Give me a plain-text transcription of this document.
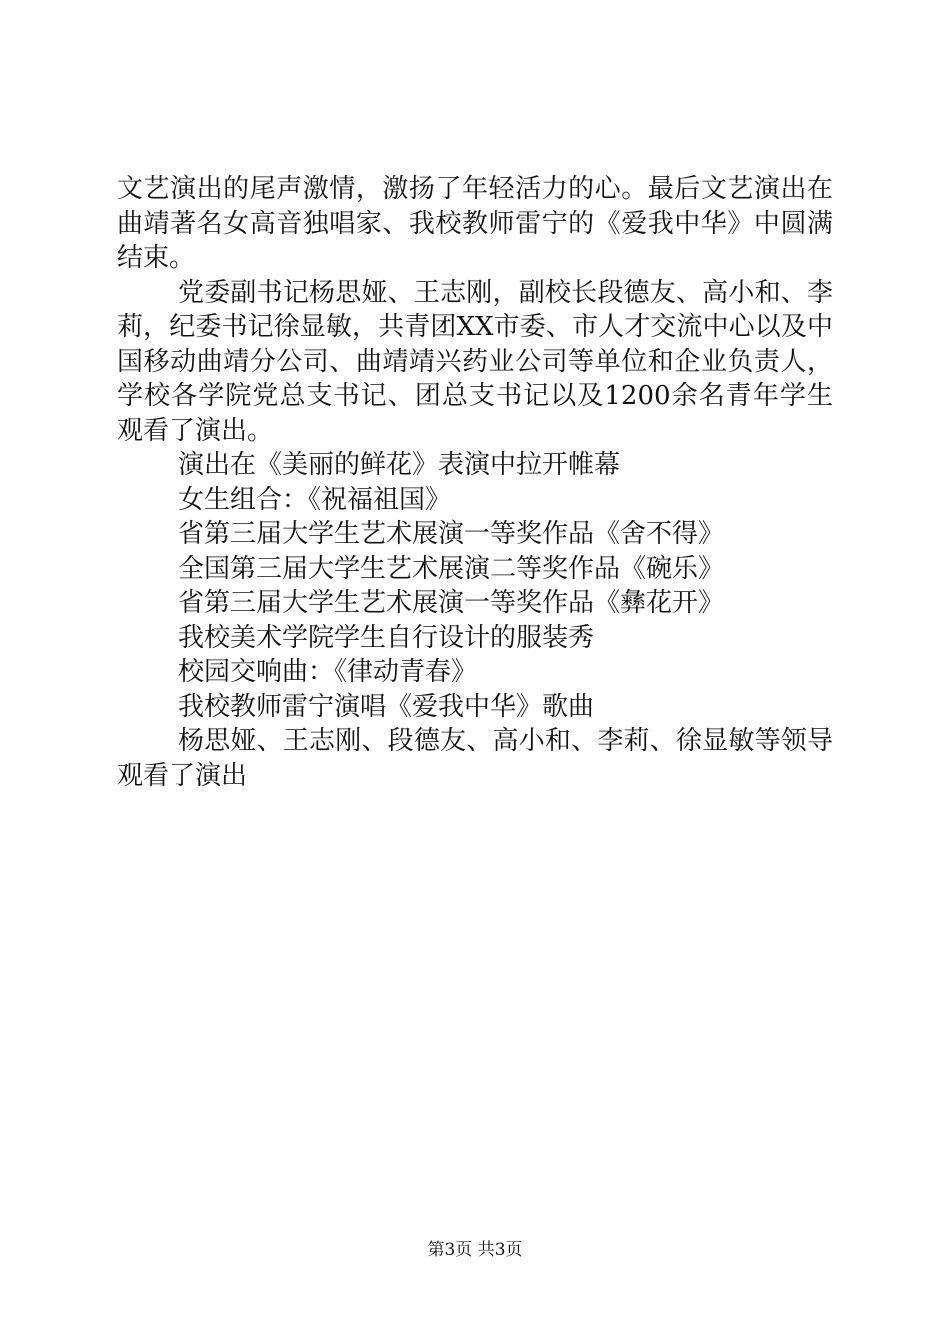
文艺演出的尾声激情，激扬了年轻活力的心。最后文艺演出在曲靖著名女高音独唱家、我校教师雷宁的《爱我中华》中圆满结束。

党委副书记杨思娅、王志刚，副校长段德友、高小和、李莉，纪委书记徐显敏，共青团XX市委、市人才交流中心以及中国移动曲靖分公司、曲靖靖兴药业公司等单位和企业负责人，学校各学院党总支书记、团总支书记以及1200余名青年学生观看了演出。

演出在《美丽的鲜花》表演中拉开帷幕

女生组合：《祝福祖国》

省第三届大学生艺术展演一等奖作品《舍不得》

全国第三届大学生艺术展演二等奖作品《碗乐》

省第三届大学生艺术展演一等奖作品《彝花开》

我校美术学院学生自行设计的服装秀

校园交响曲：《律动青春》

我校教师雷宁演唱《爱我中华》歌曲

杨思娅、王志刚、段德友、高小和、李莉、徐显敏等领导观看了演出

第3页 共3页
